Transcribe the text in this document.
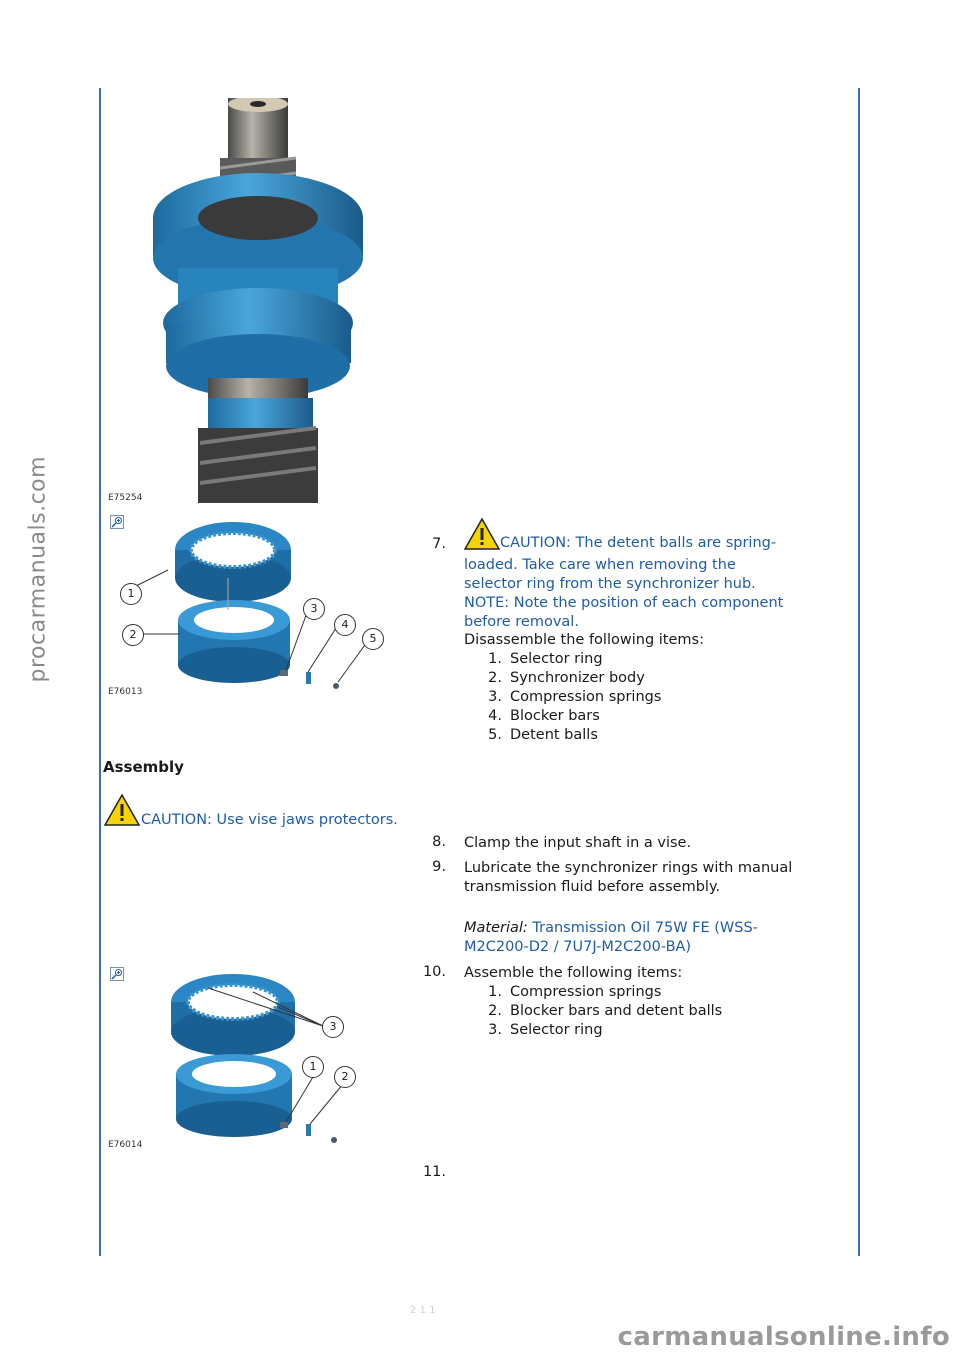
procarmanuals.com	E75254
E76013
1
2
3
4
5
7.	CAUTION: The detent balls are spring-
loaded. Take care when removing the
selector ring from the synchronizer hub.
NOTE: Note the position of each component
before removal.
Disassemble the following items:
1. Selector ring
2. Synchronizer body
3. Compression springs
4. Blocker bars
5. Detent balls
Assembly
CAUTION: Use vise jaws protectors.
8. Clamp the input shaft in a vise.
9. Lubricate the synchronizer rings with manual
transmission fluid before assembly.
Material: Transmission Oil 75W FE (WSS-
M2C200-D2 / 7U7J-M2C200-BA)
E76014
3
1
2
10. Assemble the following items:
1. Compression springs
2. Blocker bars and detent balls
3. Selector ring
11.
2 1 1
carmanualsonline.info
